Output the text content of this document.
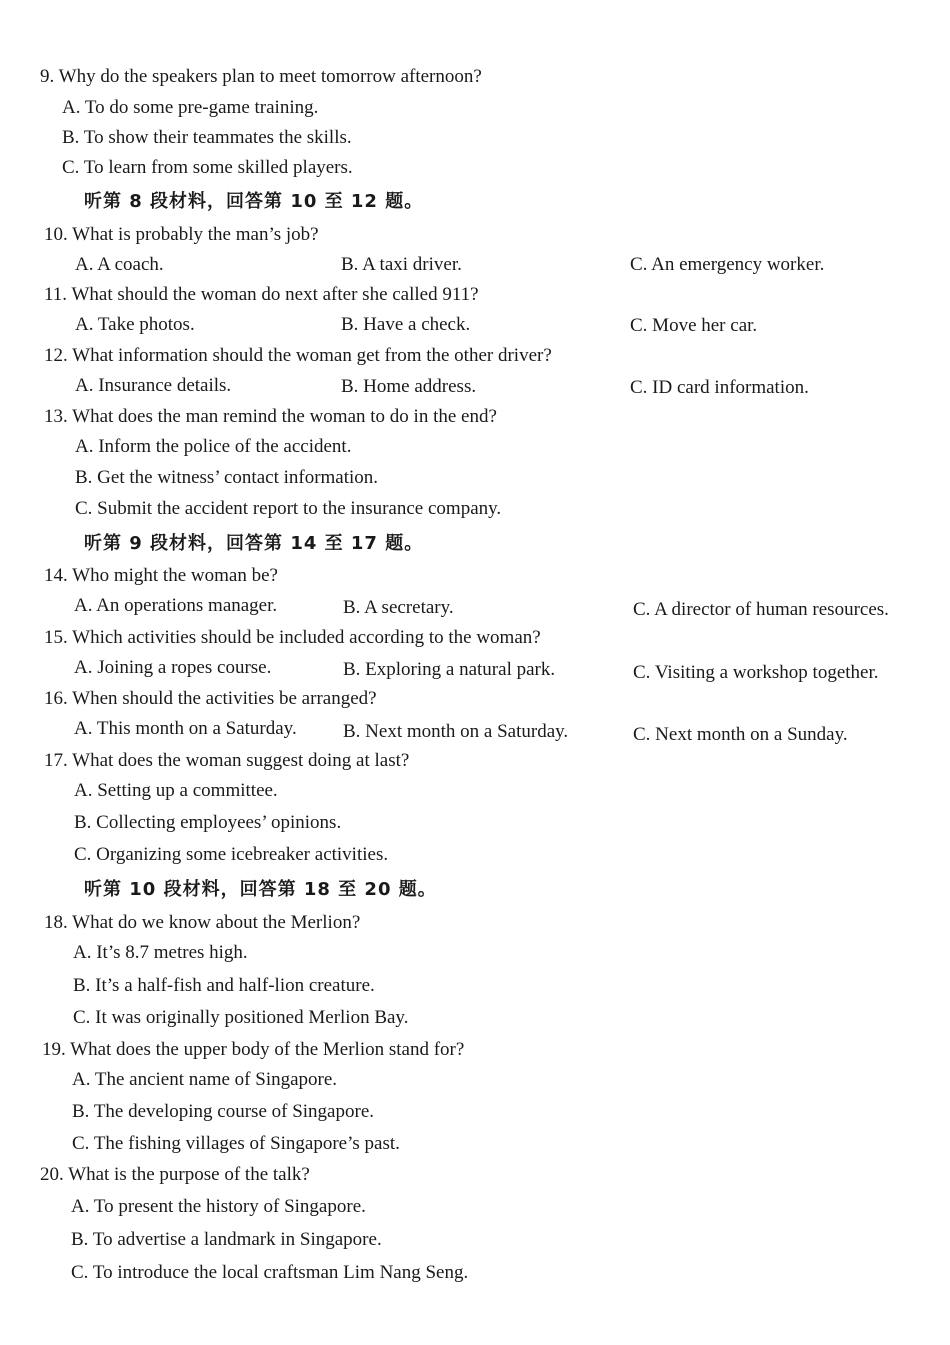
9. Why do the speakers plan to meet tomorrow afternoon?
A. To do some pre-game training.
B. To show their teammates the skills.
C. To learn from some skilled players.
听第 8 段材料，回答第 10 至 12 题。
10. What is probably the man’s job?
A. A coach.	B. A taxi driver.	C. An emergency worker.
11. What should the woman do next after she called 911?
A. Take photos.	B. Have a check.	C. Move her car.
12. What information should the woman get from the other driver?
A. Insurance details.	B. Home address.	C. ID card information.
13. What does the man remind the woman to do in the end?
A. Inform the police of the accident.
B. Get the witness’ contact information.
C. Submit the accident report to the insurance company.
听第 9 段材料，回答第 14 至 17 题。
14. Who might the woman be?
A. An operations manager.	B. A secretary.	C. A director of human resources.
15. Which activities should be included according to the woman?
A. Joining a ropes course.	B. Exploring a natural park.	C. Visiting a workshop together.
16. When should the activities be arranged?
A. This month on a Saturday. B. Next month on a Saturday.	C. Next month on a Sunday.
17. What does the woman suggest doing at last?
A. Setting up a committee.
B. Collecting employees’ opinions.
C. Organizing some icebreaker activities.
听第 10 段材料，回答第 18 至 20 题。
18. What do we know about the Merlion?
A. It’s 8.7 metres high.
B. It’s a half-fish and half-lion creature.
C. It was originally positioned Merlion Bay.
19. What does the upper body of the Merlion stand for?
A. The ancient name of Singapore.
B. The developing course of Singapore.
C. The fishing villages of Singapore’s past.
20. What is the purpose of the talk?
A. To present the history of Singapore.
B. To advertise a landmark in Singapore.
C. To introduce the local craftsman Lim Nang Seng.
